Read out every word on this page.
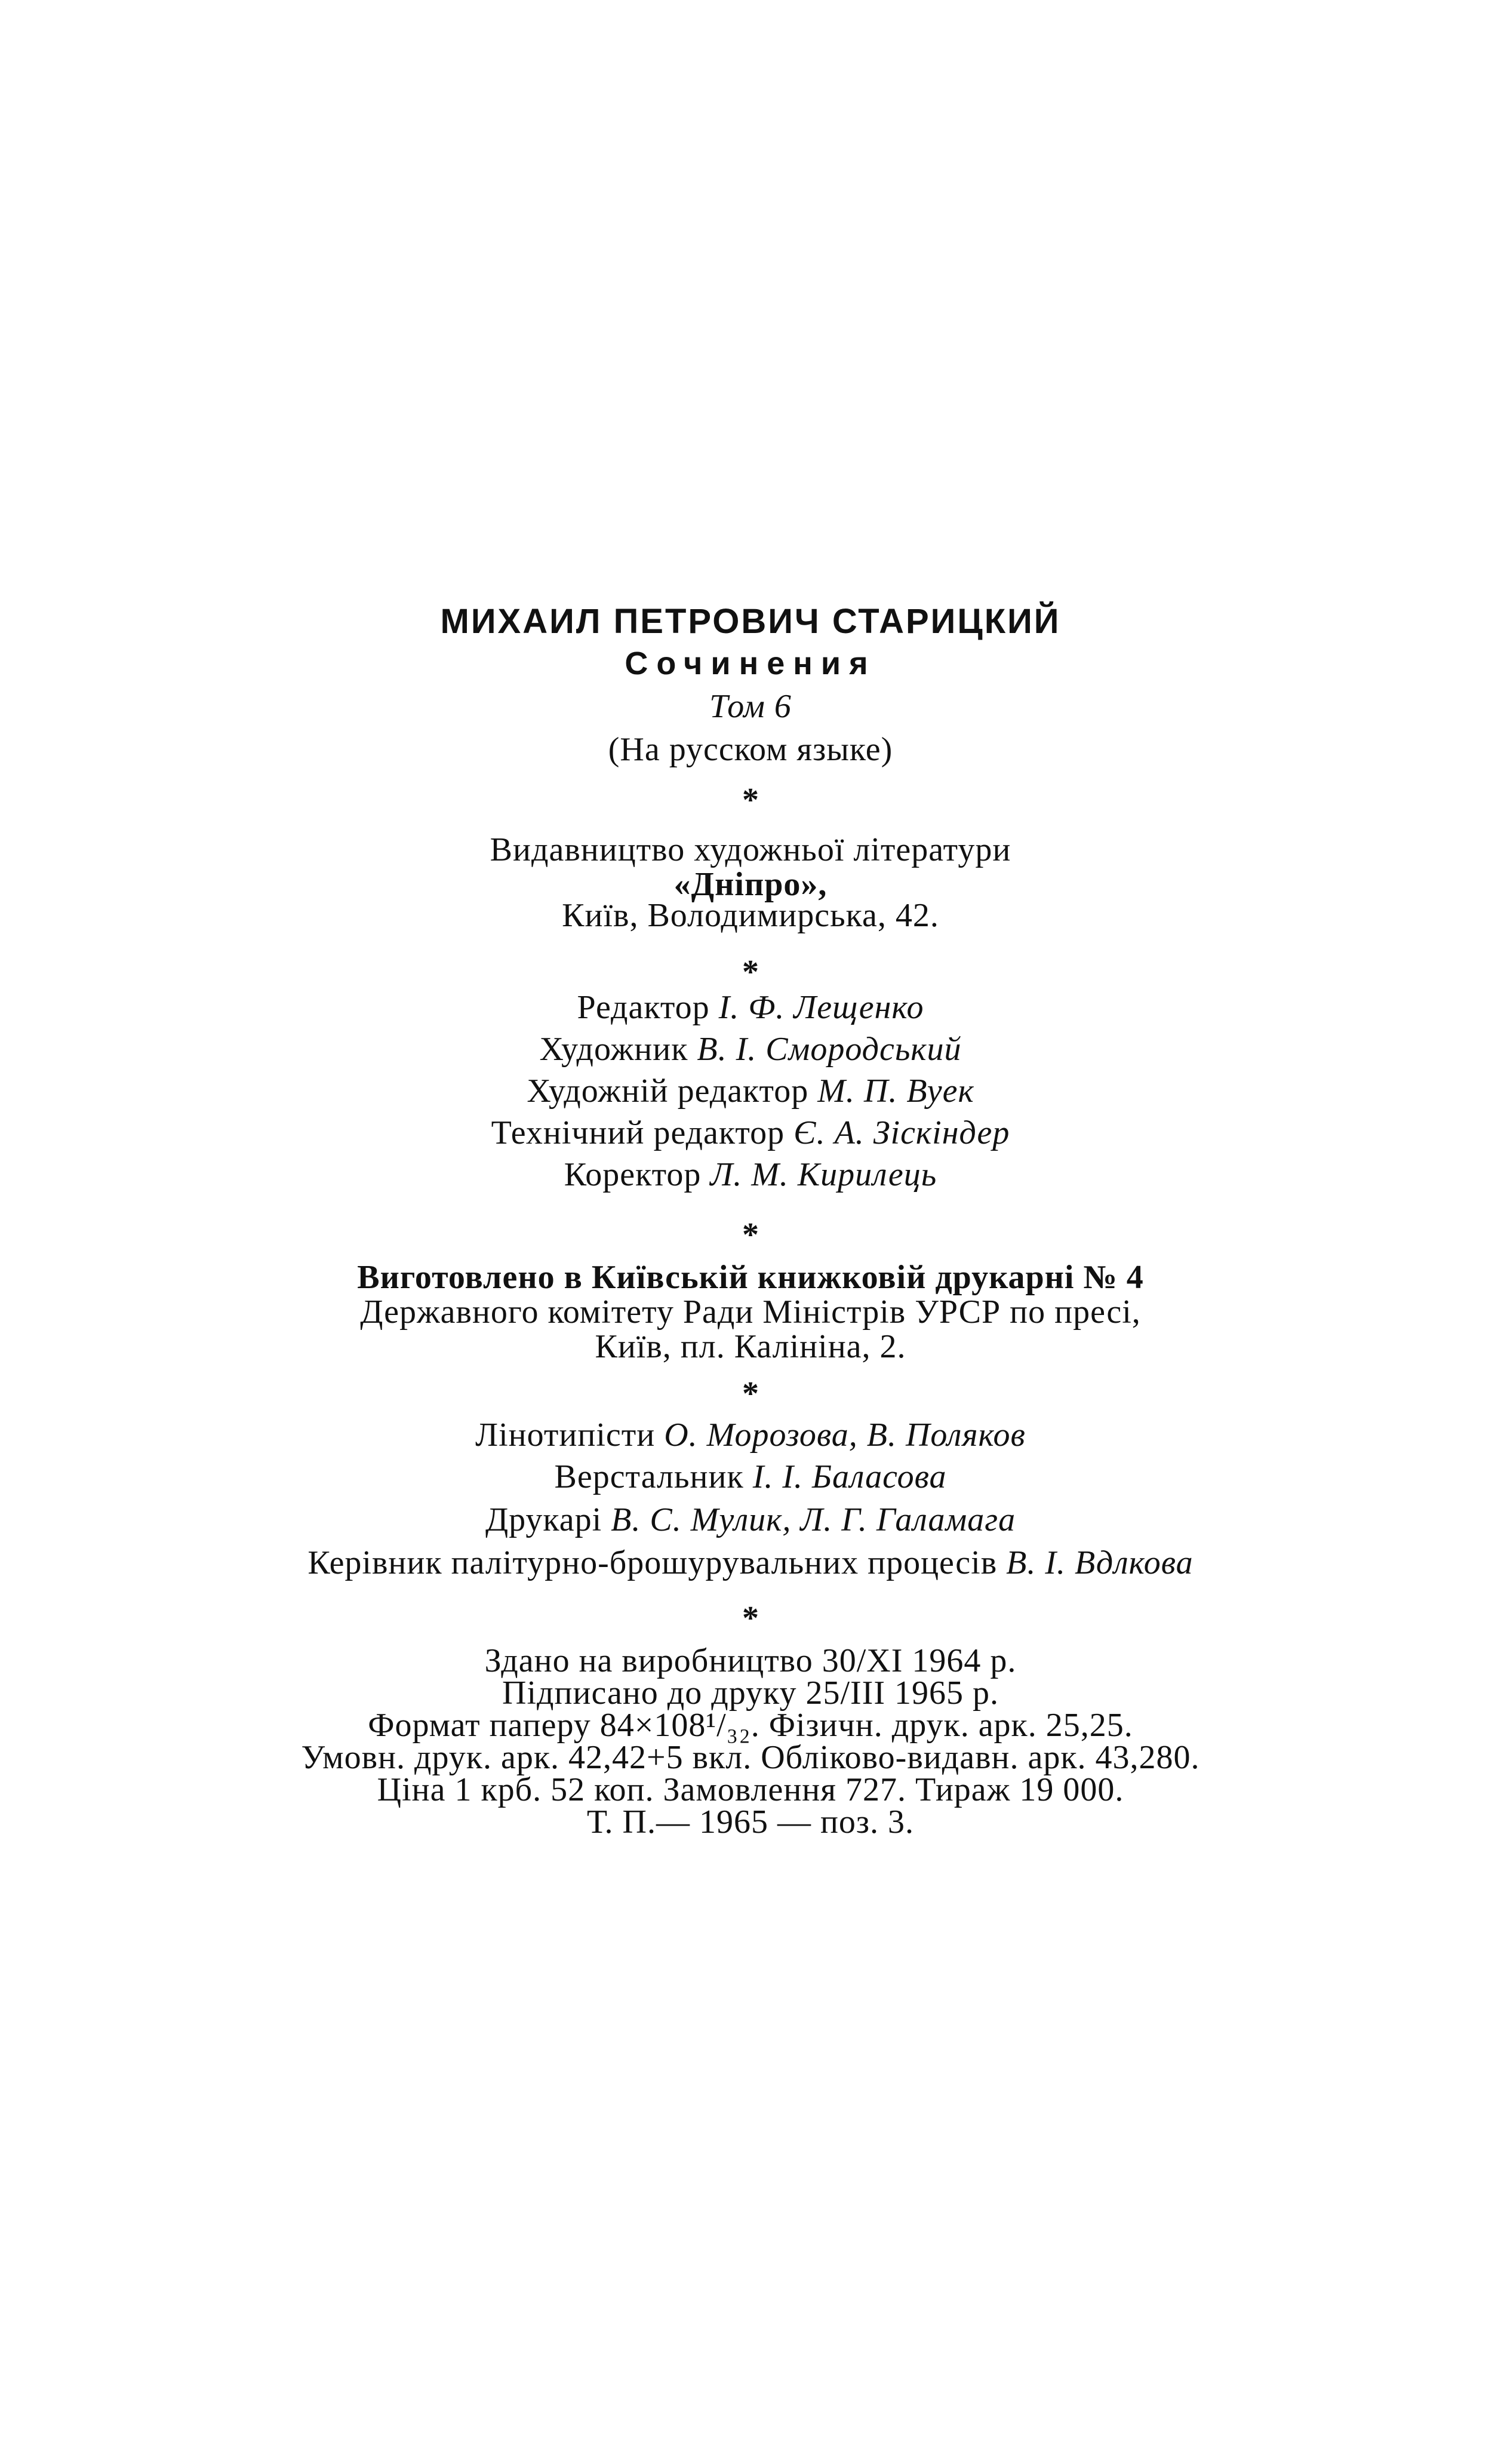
МИХАИЛ ПЕТРОВИЧ СТАРИЦКИЙ
Сочинения
Том 6
(На русском языке)
*
Видавництво художньої літератури
«Дніпро»,
Київ, Володимирська, 42.
*
Редактор І. Ф. Лещенко
Художник В. І. Смородський
Художній редактор М. П. Вуек
Технічний редактор Є. А. Зіскіндер
Коректор Л. М. Кирилець
*
Виготовлено в Київській книжковій друкарні № 4
Державного комітету Ради Міністрів УРСР по пресі,
Київ, пл. Калініна, 2.
*
Лінотипісти О. Морозова, В. Поляков
Верстальник І. І. Баласова
Друкарі В. С. Мулик, Л. Г. Галамага
Керівник палітурно-брошурувальних процесів В. І. Вдлкова
*
Здано на виробництво 30/XI 1964 р.
Підписано до друку 25/III 1965 р.
Формат паперу 84×108¹/₃₂. Фізичн. друк. арк. 25,25.
Умовн. друк. арк. 42,42+5 вкл. Обліково-видавн. арк. 43,280.
Ціна 1 крб. 52 коп. Замовлення 727. Тираж 19 000.
Т. П.— 1965 — поз. 3.
